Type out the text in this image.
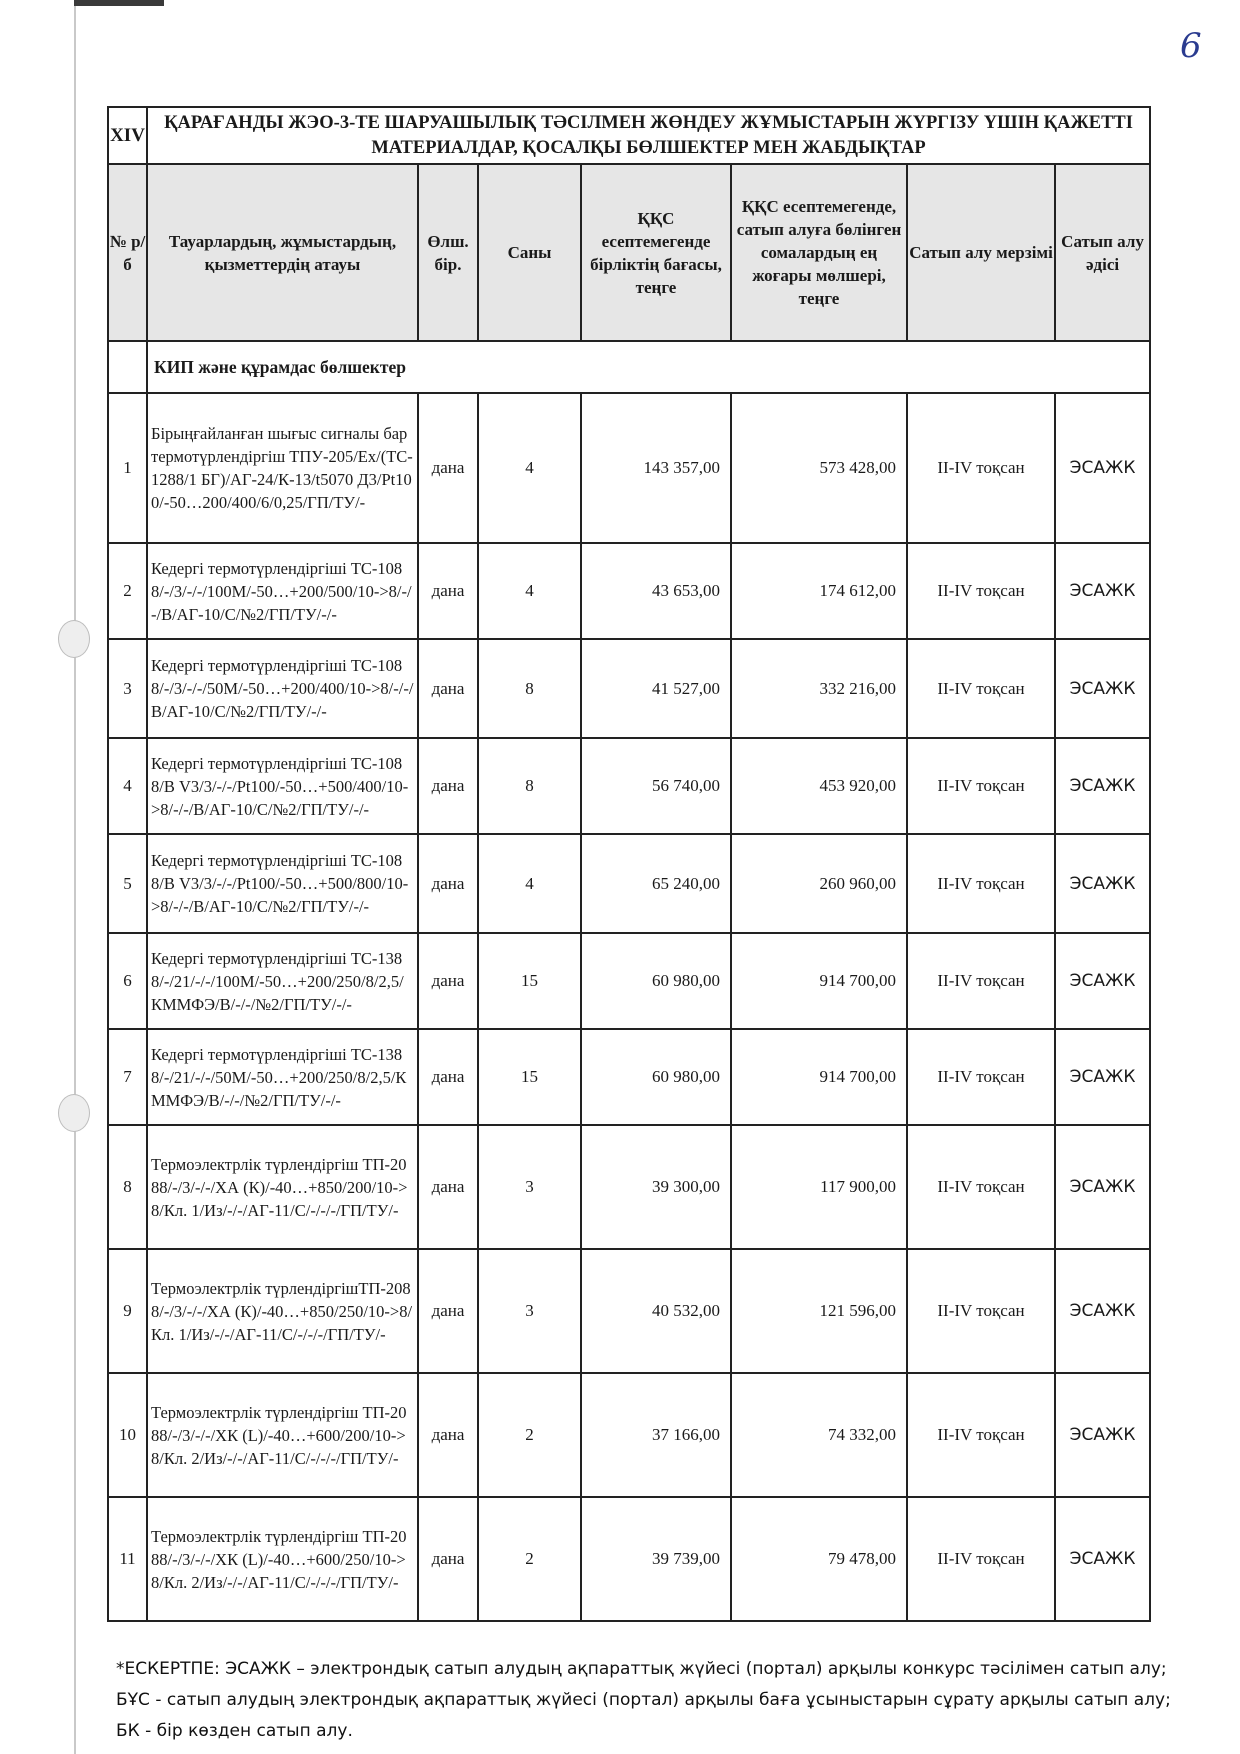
6
XIV	ҚАРАҒАНДЫ ЖЭО-3-ТЕ ШАРУАШЫЛЫҚ ТӘСІЛМЕН ЖӨНДЕУ ЖҰМЫСТАРЫН ЖҮРГІЗУ ҮШІН ҚАЖЕТТІ МАТЕРИАЛДАР, ҚОСАЛҚЫ БӨЛШЕКТЕР МЕН ЖАБДЫҚТАР						
№ р/б	Тауарлардың, жұмыстардың, қызметтердің атауы	Өлш. бір.	Саны	ҚҚС есептемегенде бірліктің бағасы, теңге	ҚҚС есептемегенде, сатып алуға бөлінген сомалардың ең жоғары мөлшері, теңге	Сатып алу мерзімі	Сатып алу әдісі
	КИП және құрамдас бөлшектер						
1	Бірыңғайланған шығыс сигналы бар термотүрлендіргіш ТПУ-205/Ex/(ТС-1288/1 БГ)/АГ-24/К-13/t5070 Д3/Pt100/-50…200/400/6/0,25/ГП/ТУ/-	дана	4	143 357,00	573 428,00	II-IV тоқсан	ЭСАЖК
2	Кедергі термотүрлендіргіші ТС-1088/-/3/-/-/100М/-50…+200/500/10->8/-/-/В/АГ-10/С/№2/ГП/ТУ/-/-	дана	4	43 653,00	174 612,00	II-IV тоқсан	ЭСАЖК
3	Кедергі термотүрлендіргіші ТС-1088/-/3/-/-/50М/-50…+200/400/10->8/-/-/В/АГ-10/С/№2/ГП/ТУ/-/-	дана	8	41 527,00	332 216,00	II-IV тоқсан	ЭСАЖК
4	Кедергі термотүрлендіргіші ТС-1088/В V3/3/-/-/Pt100/-50…+500/400/10->8/-/-/В/АГ-10/С/№2/ГП/ТУ/-/-	дана	8	56 740,00	453 920,00	II-IV тоқсан	ЭСАЖК
5	Кедергі термотүрлендіргіші ТС-1088/В V3/3/-/-/Pt100/-50…+500/800/10->8/-/-/В/АГ-10/С/№2/ГП/ТУ/-/-	дана	4	65 240,00	260 960,00	II-IV тоқсан	ЭСАЖК
6	Кедергі термотүрлендіргіші ТС-1388/-/21/-/-/100М/-50…+200/250/8/2,5/КММФЭ/В/-/-/№2/ГП/ТУ/-/-	дана	15	60 980,00	914 700,00	II-IV тоқсан	ЭСАЖК
7	Кедергі термотүрлендіргіші ТС-1388/-/21/-/-/50М/-50…+200/250/8/2,5/КММФЭ/В/-/-/№2/ГП/ТУ/-/-	дана	15	60 980,00	914 700,00	II-IV тоқсан	ЭСАЖК
8	Термоэлектрлік түрлендіргіш ТП-2088/-/3/-/-/ХА (К)/-40…+850/200/10->8/Кл. 1/Из/-/-/АГ-11/С/-/-/-/ГП/ТУ/-	дана	3	39 300,00	117 900,00	II-IV тоқсан	ЭСАЖК
9	Термоэлектрлік түрлендіргішТП-2088/-/3/-/-/ХА (К)/-40…+850/250/10->8/Кл. 1/Из/-/-/АГ-11/С/-/-/-/ГП/ТУ/-	дана	3	40 532,00	121 596,00	II-IV тоқсан	ЭСАЖК
10	Термоэлектрлік түрлендіргіш ТП-2088/-/3/-/-/ХК (L)/-40…+600/200/10->8/Кл. 2/Из/-/-/АГ-11/С/-/-/-/ГП/ТУ/-	дана	2	37 166,00	74 332,00	II-IV тоқсан	ЭСАЖК
11	Термоэлектрлік түрлендіргіш ТП-2088/-/3/-/-/ХК (L)/-40…+600/250/10->8/Кл. 2/Из/-/-/АГ-11/С/-/-/-/ГП/ТУ/-	дана	2	39 739,00	79 478,00	II-IV тоқсан	ЭСАЖК

*ЕСКЕРТПЕ: ЭСАЖК – электрондық сатып алудың ақпараттық жүйесі (портал) арқылы конкурс тәсілімен сатып алу;

БҰС - сатып алудың электрондық ақпараттық жүйесі (портал) арқылы баға ұсыныстарын сұрату арқылы сатып алу;

БК - бір көзден сатып алу.
